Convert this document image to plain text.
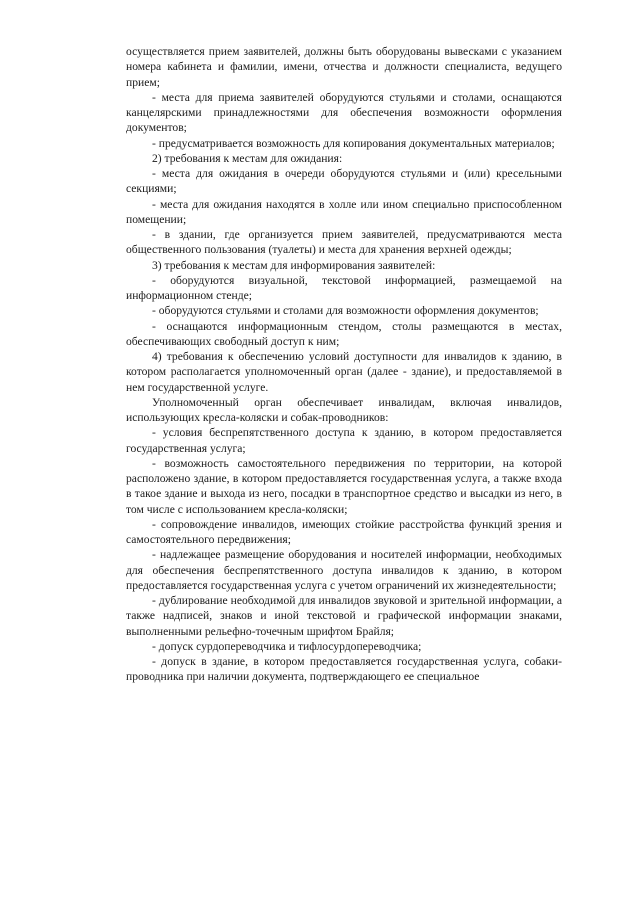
осуществляется прием заявителей, должны быть оборудованы вывесками с указанием номера кабинета и фамилии, имени, отчества и должности специалиста, ведущего прием;

- места для приема заявителей оборудуются стульями и столами, оснащаются канцелярскими принадлежностями для обеспечения возможности оформления документов;

- предусматривается возможность для копирования документальных материалов;

2) требования к местам для ожидания:

- места для ожидания в очереди оборудуются стульями и (или) кресельными секциями;

- места для ожидания находятся в холле или ином специально приспособленном помещении;

- в здании, где организуется прием заявителей, предусматриваются места общественного пользования (туалеты) и места для хранения верхней одежды;

3) требования к местам для информирования заявителей:

- оборудуются визуальной, текстовой информацией, размещаемой на информационном стенде;

- оборудуются стульями и столами для возможности оформления документов;

- оснащаются информационным стендом, столы размещаются в местах, обеспечивающих свободный доступ к ним;

4) требования к обеспечению условий доступности для инвалидов к зданию, в котором располагается уполномоченный орган (далее - здание), и предоставляемой в нем государственной услуге.

Уполномоченный орган обеспечивает инвалидам, включая инвалидов, использующих кресла-коляски и собак-проводников:

- условия беспрепятственного доступа к зданию, в котором предоставляется государственная услуга;

- возможность самостоятельного передвижения по территории, на которой расположено здание, в котором предоставляется государственная услуга, а также входа в такое здание и выхода из него, посадки в транспортное средство и высадки из него, в том числе с использованием кресла-коляски;

- сопровождение инвалидов, имеющих стойкие расстройства функций зрения и самостоятельного передвижения;

- надлежащее размещение оборудования и носителей информации, необходимых для обеспечения беспрепятственного доступа инвалидов к зданию, в котором предоставляется государственная услуга с учетом ограничений их жизнедеятельности;

- дублирование необходимой для инвалидов звуковой и зрительной информации, а также надписей, знаков и иной текстовой и графической информации знаками, выполненными рельефно-точечным шрифтом Брайля;

- допуск сурдопереводчика и тифлосурдопереводчика;

- допуск в здание, в котором предоставляется государственная услуга, собаки-проводника при наличии документа, подтверждающего ее специальное
